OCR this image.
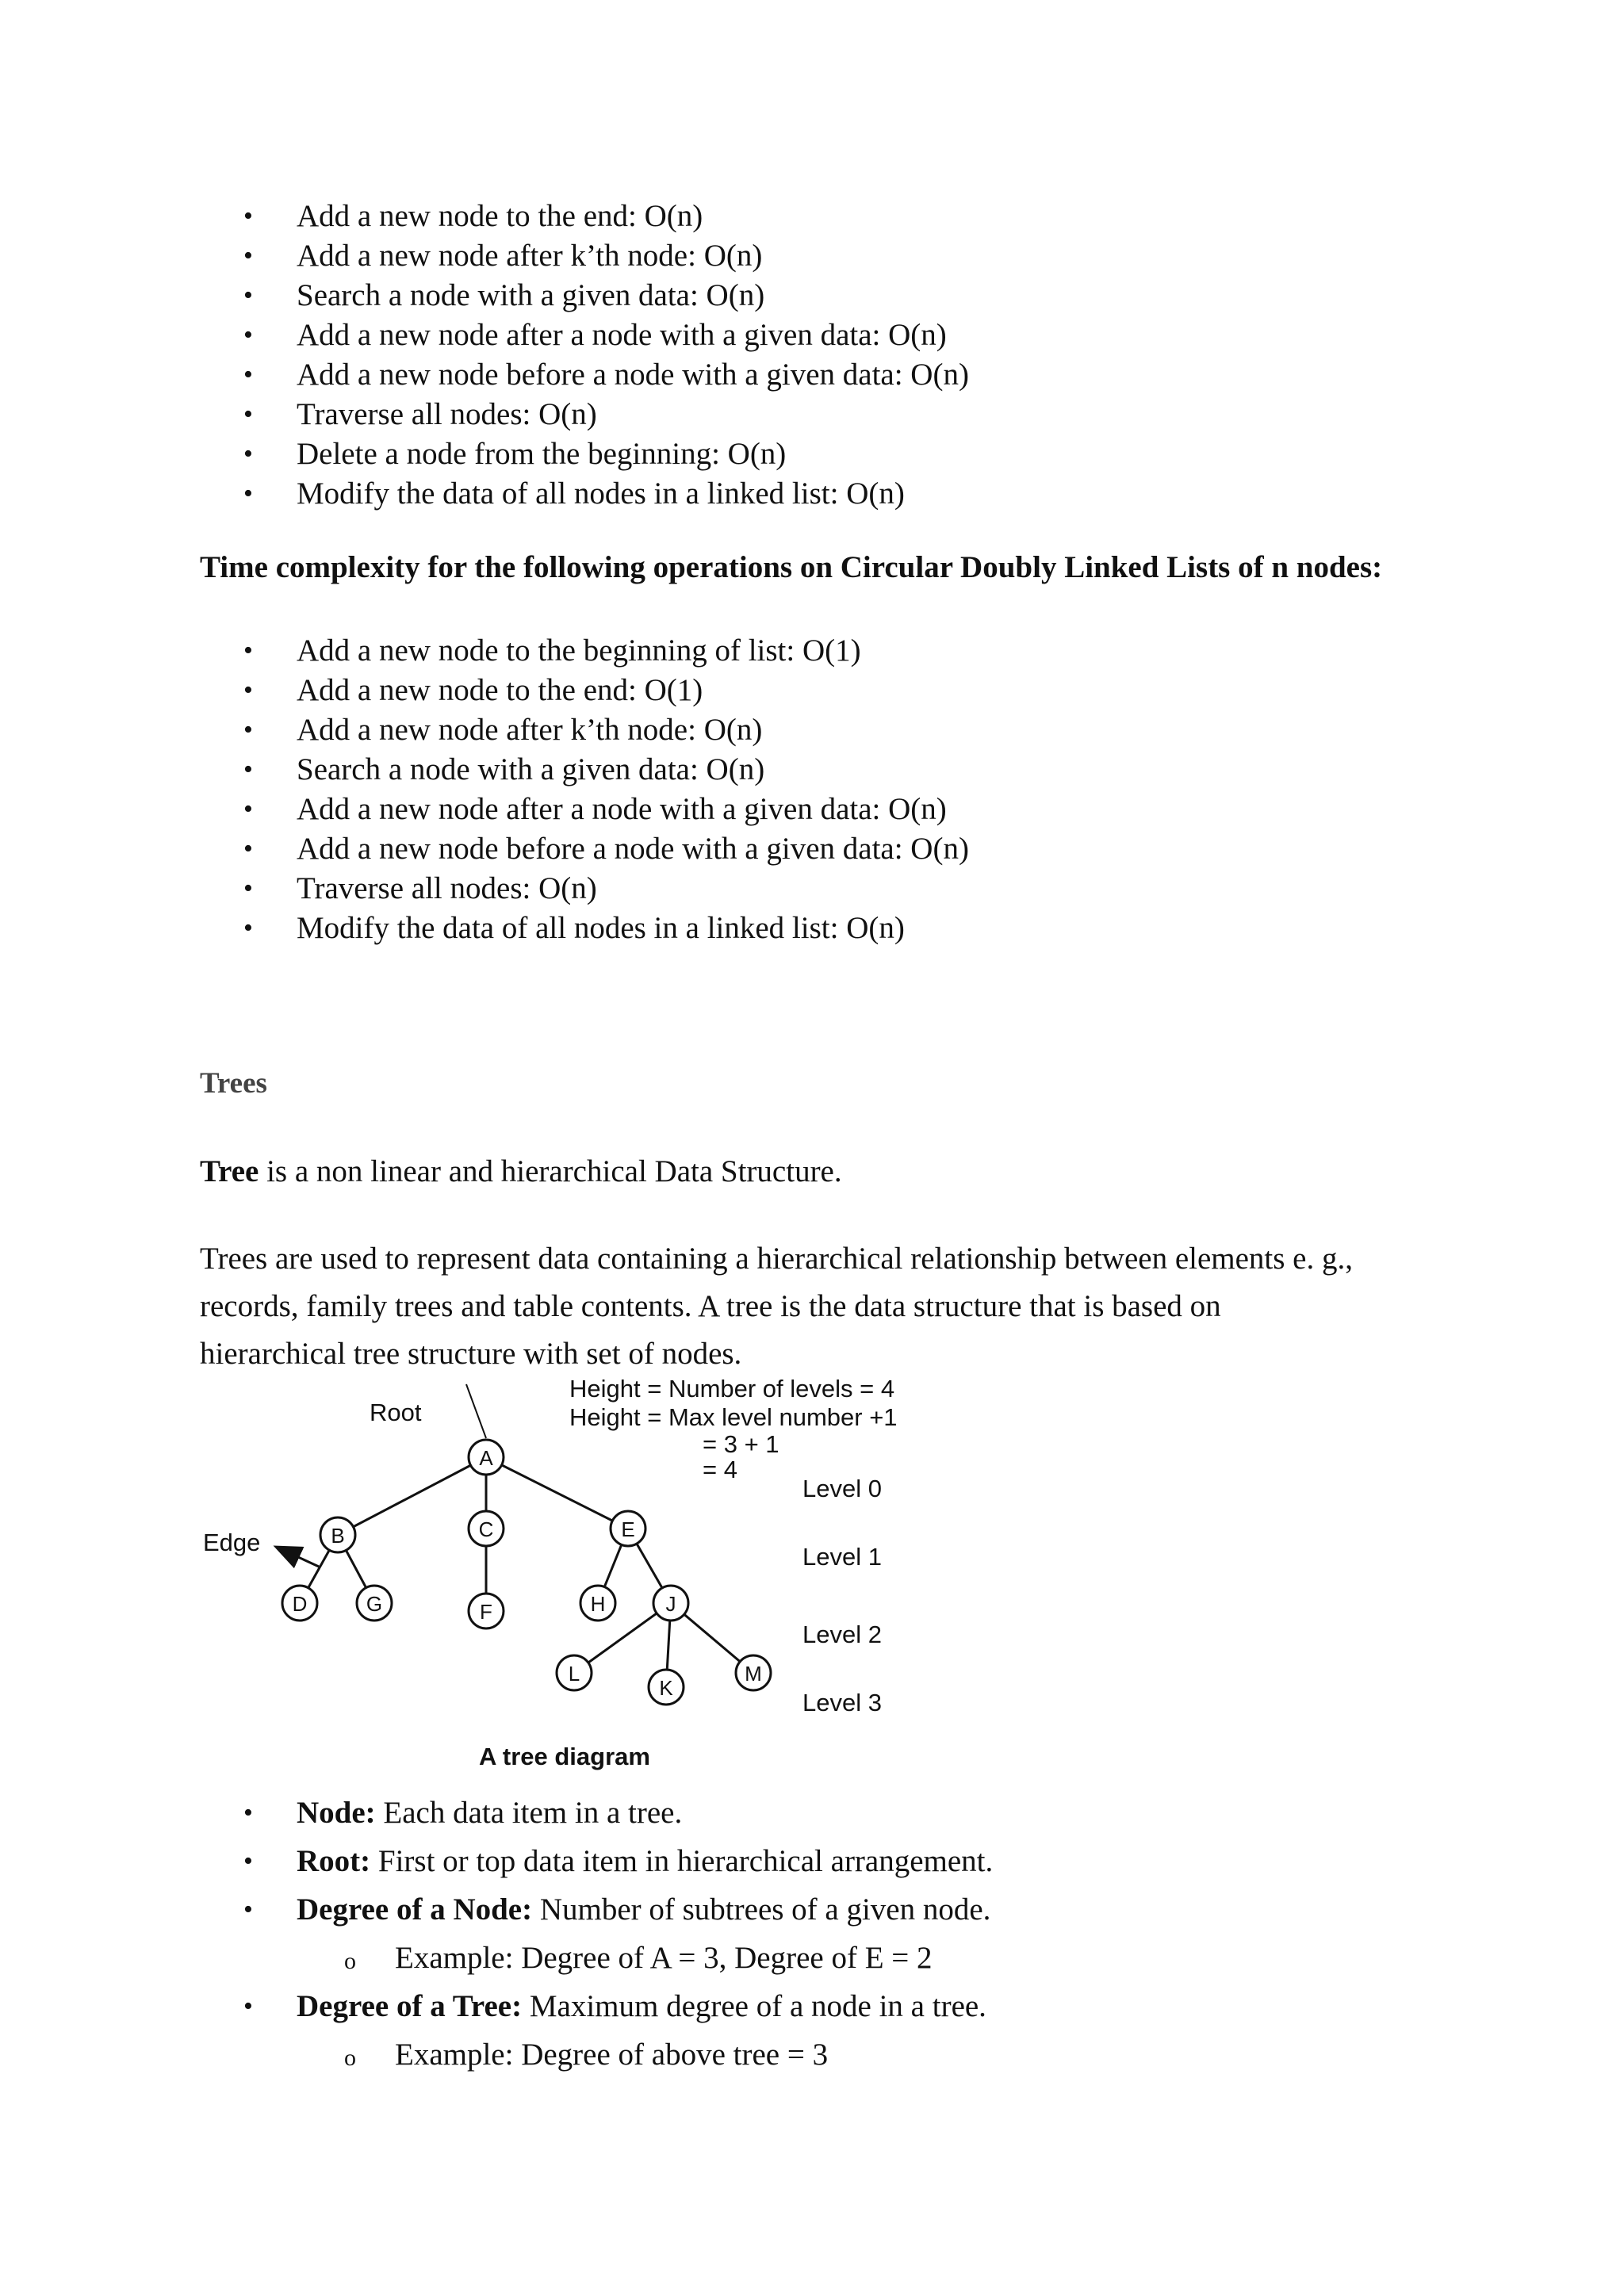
• Add a new node to the end: O(n)
• Add a new node after k’th node: O(n)
• Search a node with a given data: O(n)
• Add a new node after a node with a given data: O(n)
• Add a new node before a node with a given data: O(n)
• Traverse all nodes: O(n)
• Delete a node from the beginning: O(n)
• Modify the data of all nodes in a linked list: O(n)
Time complexity for the following operations on Circular Doubly Linked Lists of n nodes:
• Add a new node to the beginning of list: O(1)
• Add a new node to the end: O(1)
• Add a new node after k’th node: O(n)
• Search a node with a given data: O(n)
• Add a new node after a node with a given data: O(n)
• Add a new node before a node with a given data: O(n)
• Traverse all nodes: O(n)
• Modify the data of all nodes in a linked list: O(n)
Trees
Tree is a non linear and hierarchical Data Structure.
Trees are used to represent data containing a hierarchical relationship between elements e. g.,
records, family trees and table contents. A tree is the data structure that is based on
hierarchical tree structure with set of nodes.
A
B	C	E
D	G	F	H	J
L
K
M
Height = Number of levels = 4
Height = Max level number +1
= 3 + 1
= 4
Root
Edge
Level 0
Level 1
Level 2
Level 3
A tree diagram
• Node: Each data item in a tree.
• Root: First or top data item in hierarchical arrangement.
• Degree of a Node: Number of subtrees of a given node.
o Example: Degree of A = 3, Degree of E = 2
• Degree of a Tree: Maximum degree of a node in a tree.
o Example: Degree of above tree = 3
